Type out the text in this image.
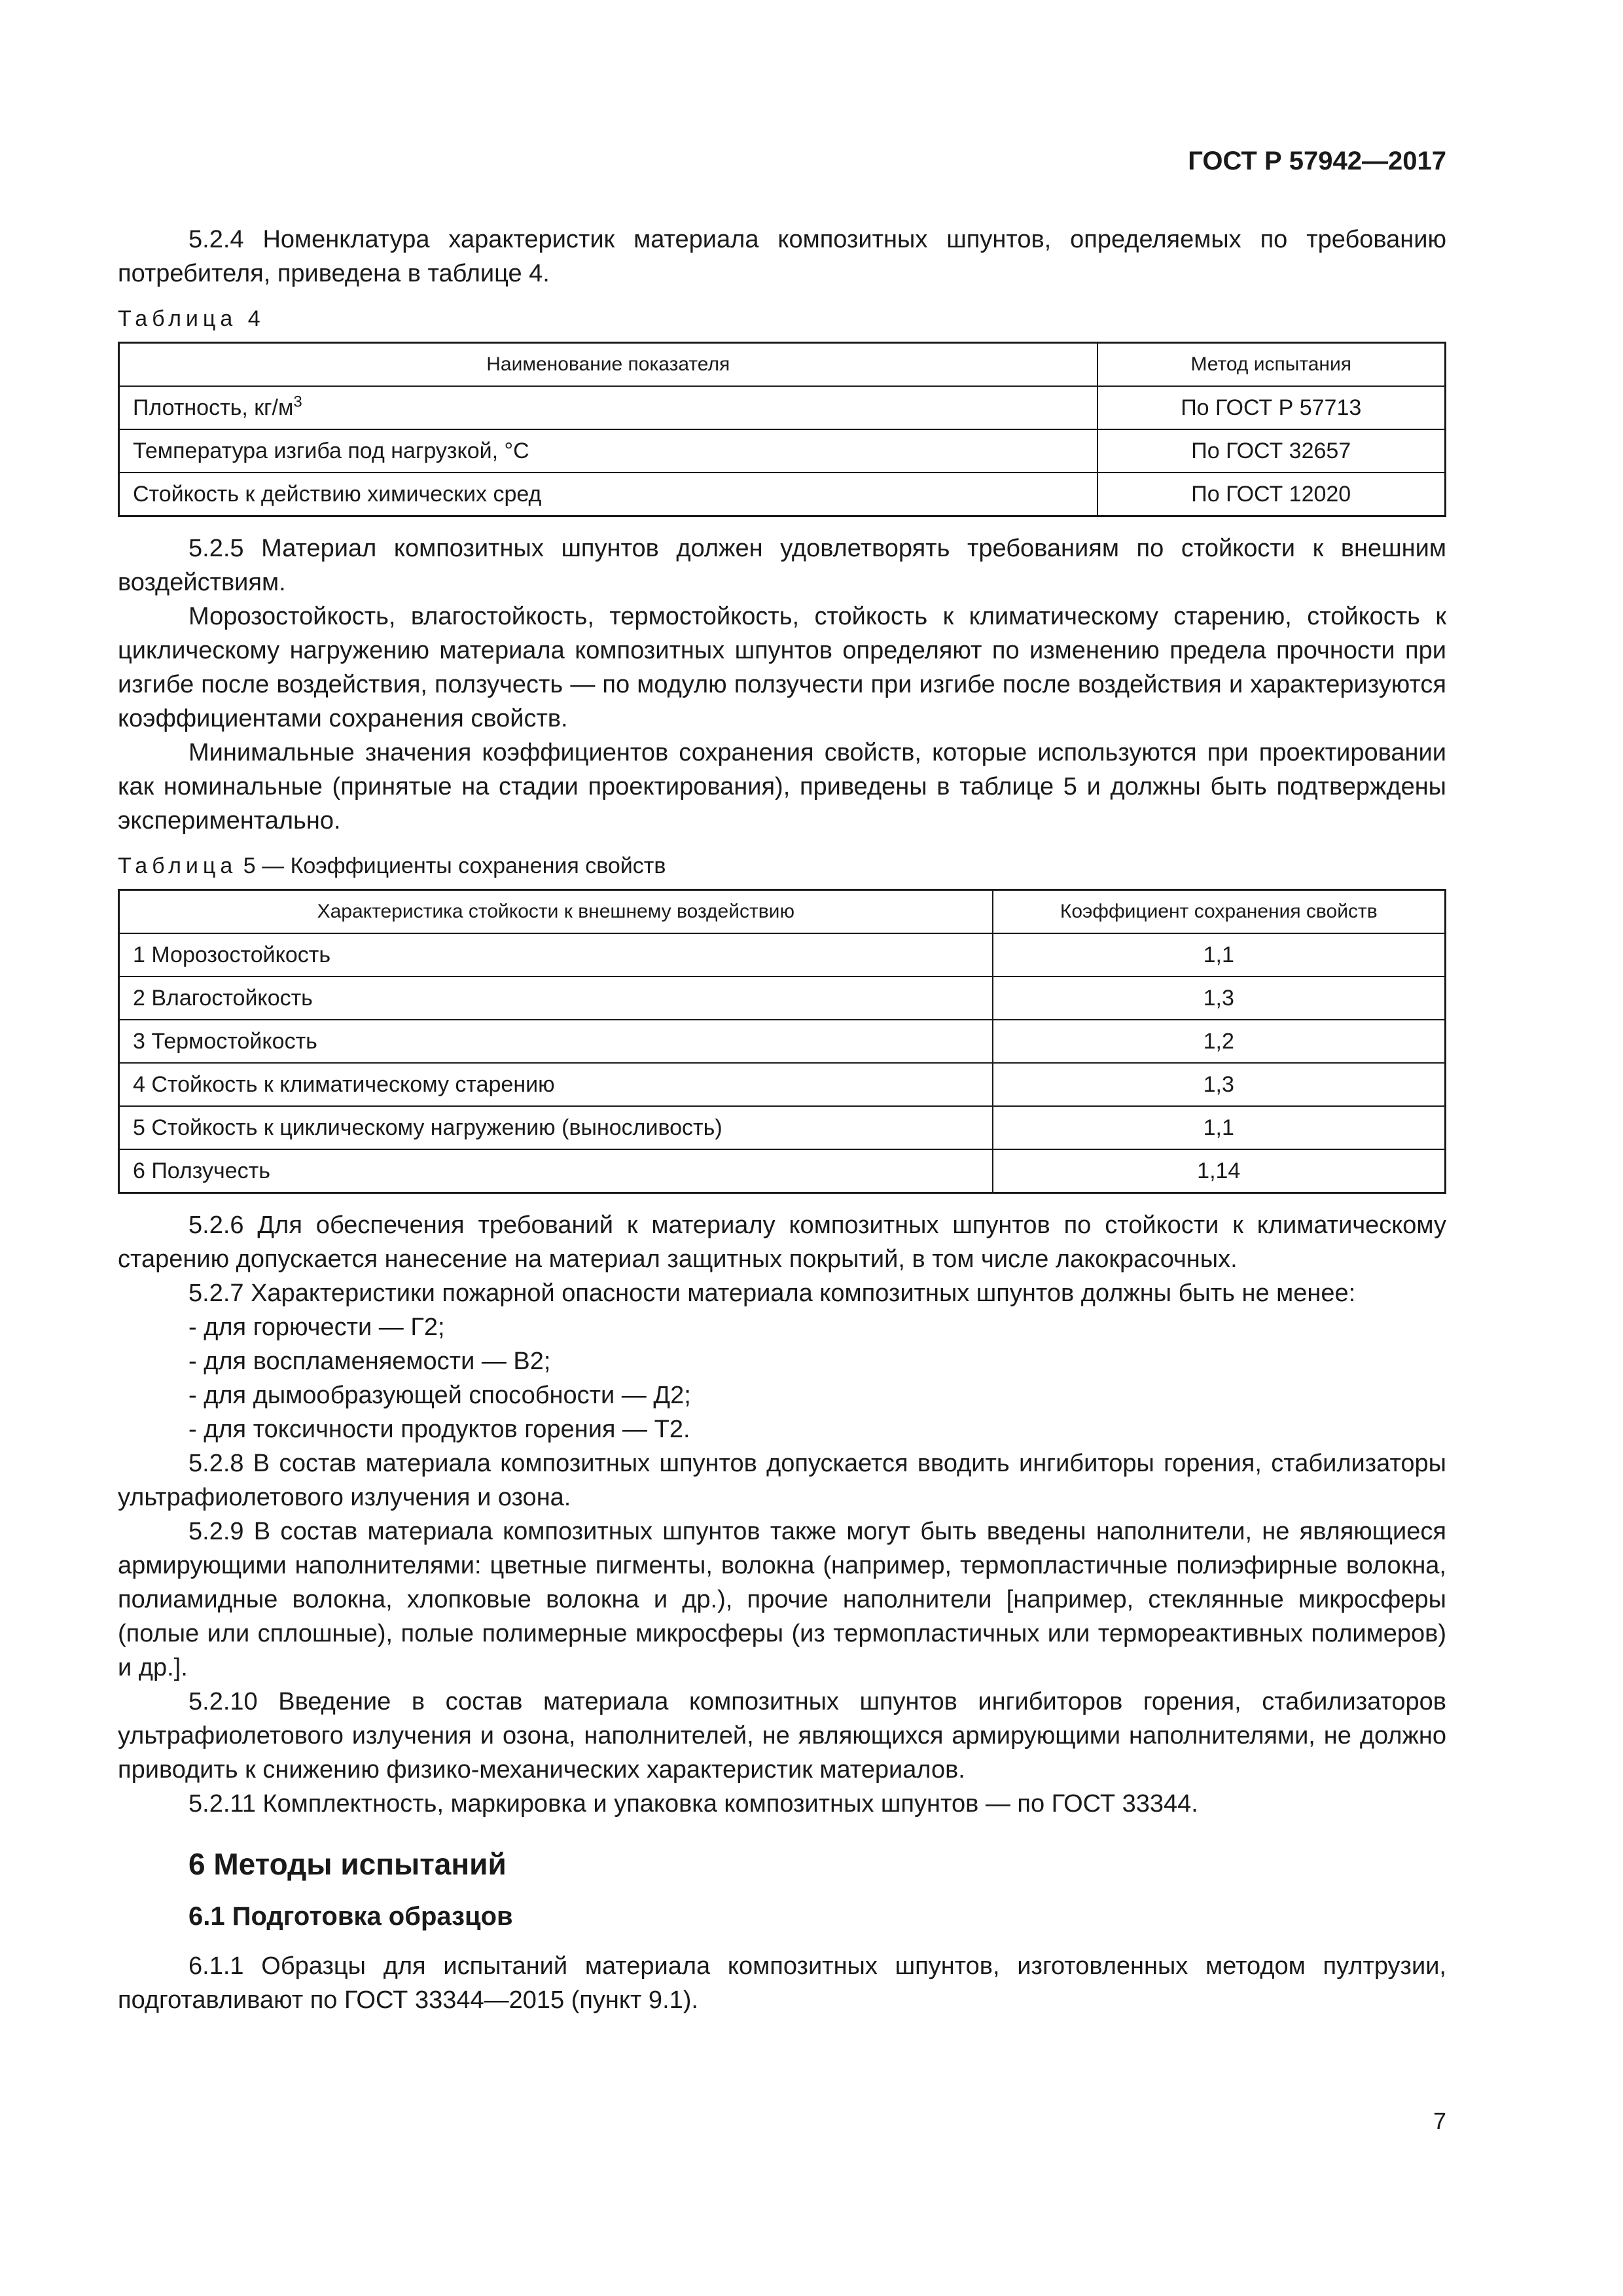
ГОСТ Р 57942—2017

5.2.4 Номенклатура характеристик материала композитных шпунтов, определяемых по требованию потребителя, приведена в таблице 4.

Таблица 4
Наименование показателя	Метод испытания
Плотность, $кг/м^3$	По ГОСТ Р 57713
Температура изгиба под нагрузкой, °С	По ГОСТ 32657
Стойкость к действию химических сред	По ГОСТ 12020

5.2.5 Материал композитных шпунтов должен удовлетворять требованиям по стойкости к внешним воздействиям.

Морозостойкость, влагостойкость, термостойкость, стойкость к климатическому старению, стойкость к циклическому нагружению материала композитных шпунтов определяют по изменению предела прочности при изгибе после воздействия, ползучесть — по модулю ползучести при изгибе после воздействия и характеризуются коэффициентами сохранения свойств.

Минимальные значения коэффициентов сохранения свойств, которые используются при проектировании как номинальные (принятые на стадии проектирования), приведены в таблице 5 и должны быть подтверждены экспериментально.

Таблица 5 — Коэффициенты сохранения свойств
Характеристика стойкости к внешнему воздействию	Коэффициент сохранения свойств
1 Морозостойкость	1,1
2 Влагостойкость	1,3
3 Термостойкость	1,2
4 Стойкость к климатическому старению	1,3
5 Стойкость к циклическому нагружению (выносливость)	1,1
6 Ползучесть	1,14

5.2.6 Для обеспечения требований к материалу композитных шпунтов по стойкости к климатическому старению допускается нанесение на материал защитных покрытий, в том числе лакокрасочных.

5.2.7 Характеристики пожарной опасности материала композитных шпунтов должны быть не менее:

- для горючести — Г2;

- для воспламеняемости — В2;

- для дымообразующей способности — Д2;

- для токсичности продуктов горения — Т2.

5.2.8 В состав материала композитных шпунтов допускается вводить ингибиторы горения, стабилизаторы ультрафиолетового излучения и озона.

5.2.9 В состав материала композитных шпунтов также могут быть введены наполнители, не являющиеся армирующими наполнителями: цветные пигменты, волокна (например, термопластичные полиэфирные волокна, полиамидные волокна, хлопковые волокна и др.), прочие наполнители [например, стеклянные микросферы (полые или сплошные), полые полимерные микросферы (из термопластичных или термореактивных полимеров) и др.].

5.2.10 Введение в состав материала композитных шпунтов ингибиторов горения, стабилизаторов ультрафиолетового излучения и озона, наполнителей, не являющихся армирующими наполнителями, не должно приводить к снижению физико-механических характеристик материалов.

5.2.11 Комплектность, маркировка и упаковка композитных шпунтов — по ГОСТ 33344.

6 Методы испытаний
6.1 Подготовка образцов

6.1.1 Образцы для испытаний материала композитных шпунтов, изготовленных методом пултрузии, подготавливают по ГОСТ 33344—2015 (пункт 9.1).

7
